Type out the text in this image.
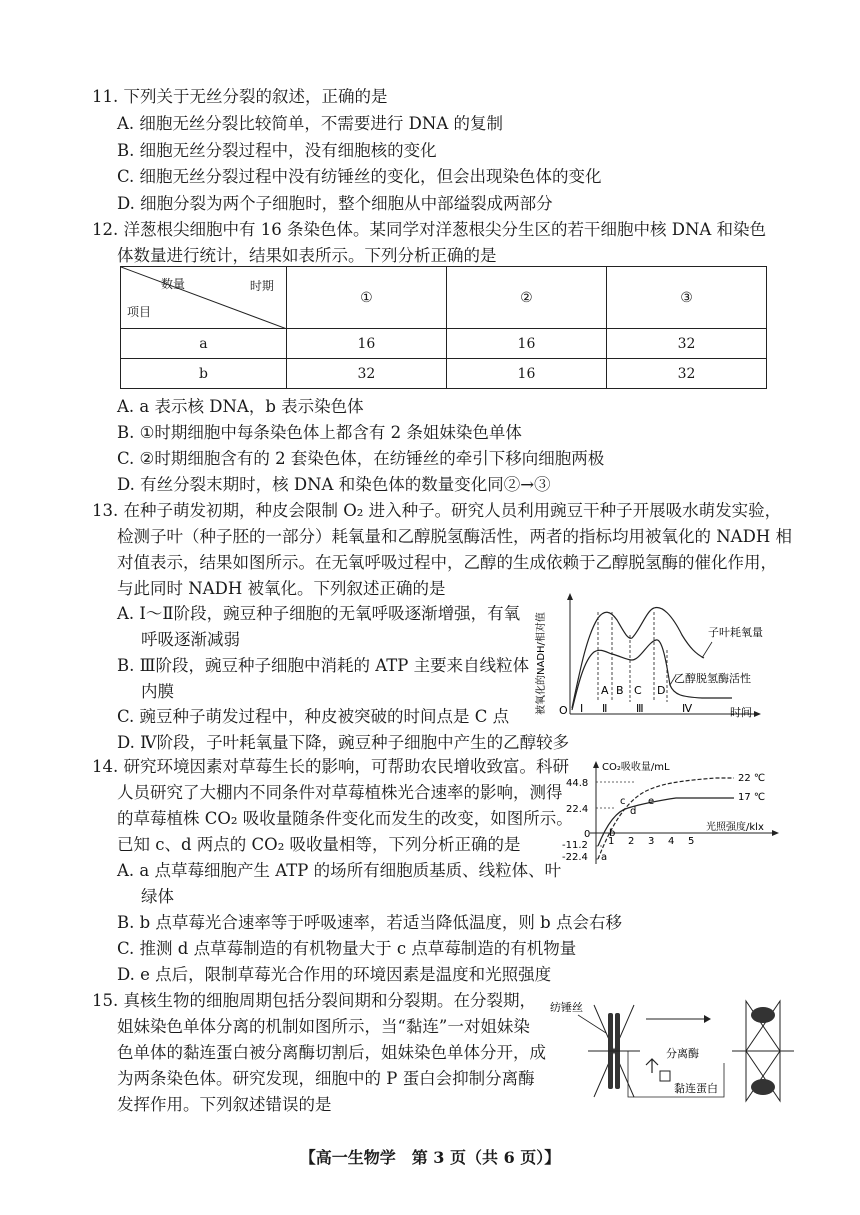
11. 下列关于无丝分裂的叙述，正确的是
A. 细胞无丝分裂比较简单，不需要进行 DNA 的复制
B. 细胞无丝分裂过程中，没有细胞核的变化
C. 细胞无丝分裂过程中没有纺锤丝的变化，但会出现染色体的变化
D. 细胞分裂为两个子细胞时，整个细胞从中部缢裂成两部分
12. 洋葱根尖细胞中有 16 条染色体。某同学对洋葱根尖分生区的若干细胞中核 DNA 和染色
体数量进行统计，结果如表所示。下列分析正确的是
数量 时期
项目	①	②	③
a	16	16	32
b	32	16	32
A. a 表示核 DNA，b 表示染色体
B. ①时期细胞中每条染色体上都含有 2 条姐妹染色单体
C. ②时期细胞含有的 2 套染色体，在纺锤丝的牵引下移向细胞两极
D. 有丝分裂末期时，核 DNA 和染色体的数量变化同②→③
13. 在种子萌发初期，种皮会限制 O₂ 进入种子。研究人员利用豌豆干种子开展吸水萌发实验，
检测子叶（种子胚的一部分）耗氧量和乙醇脱氢酶活性，两者的指标均用被氧化的 NADH 相
对值表示，结果如图所示。在无氧呼吸过程中，乙醇的生成依赖于乙醇脱氢酶的催化作用，
与此同时 NADH 被氧化。下列叙述正确的是
A. Ⅰ～Ⅱ阶段，豌豆种子细胞的无氧呼吸逐渐增强，有氧
呼吸逐渐减弱
B. Ⅲ阶段，豌豆种子细胞中消耗的 ATP 主要来自线粒体
内膜
C. 豌豆种子萌发过程中，种皮被突破的时间点是 C 点
D. Ⅳ阶段，子叶耗氧量下降，豌豆种子细胞中产生的乙醇较多
被氧化的NADH/相对值 O	时间
子叶耗氧量
乙醇脱氢酶活性
A B C D
Ⅰ Ⅱ	Ⅲ	Ⅳ
14. 研究环境因素对草莓生长的影响，可帮助农民增收致富。科研
人员研究了大棚内不同条件对草莓植株光合速率的影响，测得
的草莓植株 CO₂ 吸收量随条件变化而发生的改变，如图所示。
已知 c、d 两点的 CO₂ 吸收量相等，下列分析正确的是
A. a 点草莓细胞产生 ATP 的场所有细胞质基质、线粒体、叶
绿体
B. b 点草莓光合速率等于呼吸速率，若适当降低温度，则 b 点会右移
C. 推测 d 点草莓制造的有机物量大于 c 点草莓制造的有机物量
D. e 点后，限制草莓光合作用的环境因素是温度和光照强度
CO₂吸收量/mL
光照强度/klx
44.8
22.4
0
-11.2
-22.4
1 2 3 4 5
22 ℃
17 ℃
a
b
c
d
e
15. 真核生物的细胞周期包括分裂间期和分裂期。在分裂期，
姐妹染色单体分离的机制如图所示，当“黏连”一对姐妹染
色单体的黏连蛋白被分离酶切割后，姐妹染色单体分开，成
为两条染色体。研究发现，细胞中的 P 蛋白会抑制分离酶
发挥作用。下列叙述错误的是
纺锤丝
分离酶
黏连蛋白
【高一生物学　第 3 页（共 6 页）】
